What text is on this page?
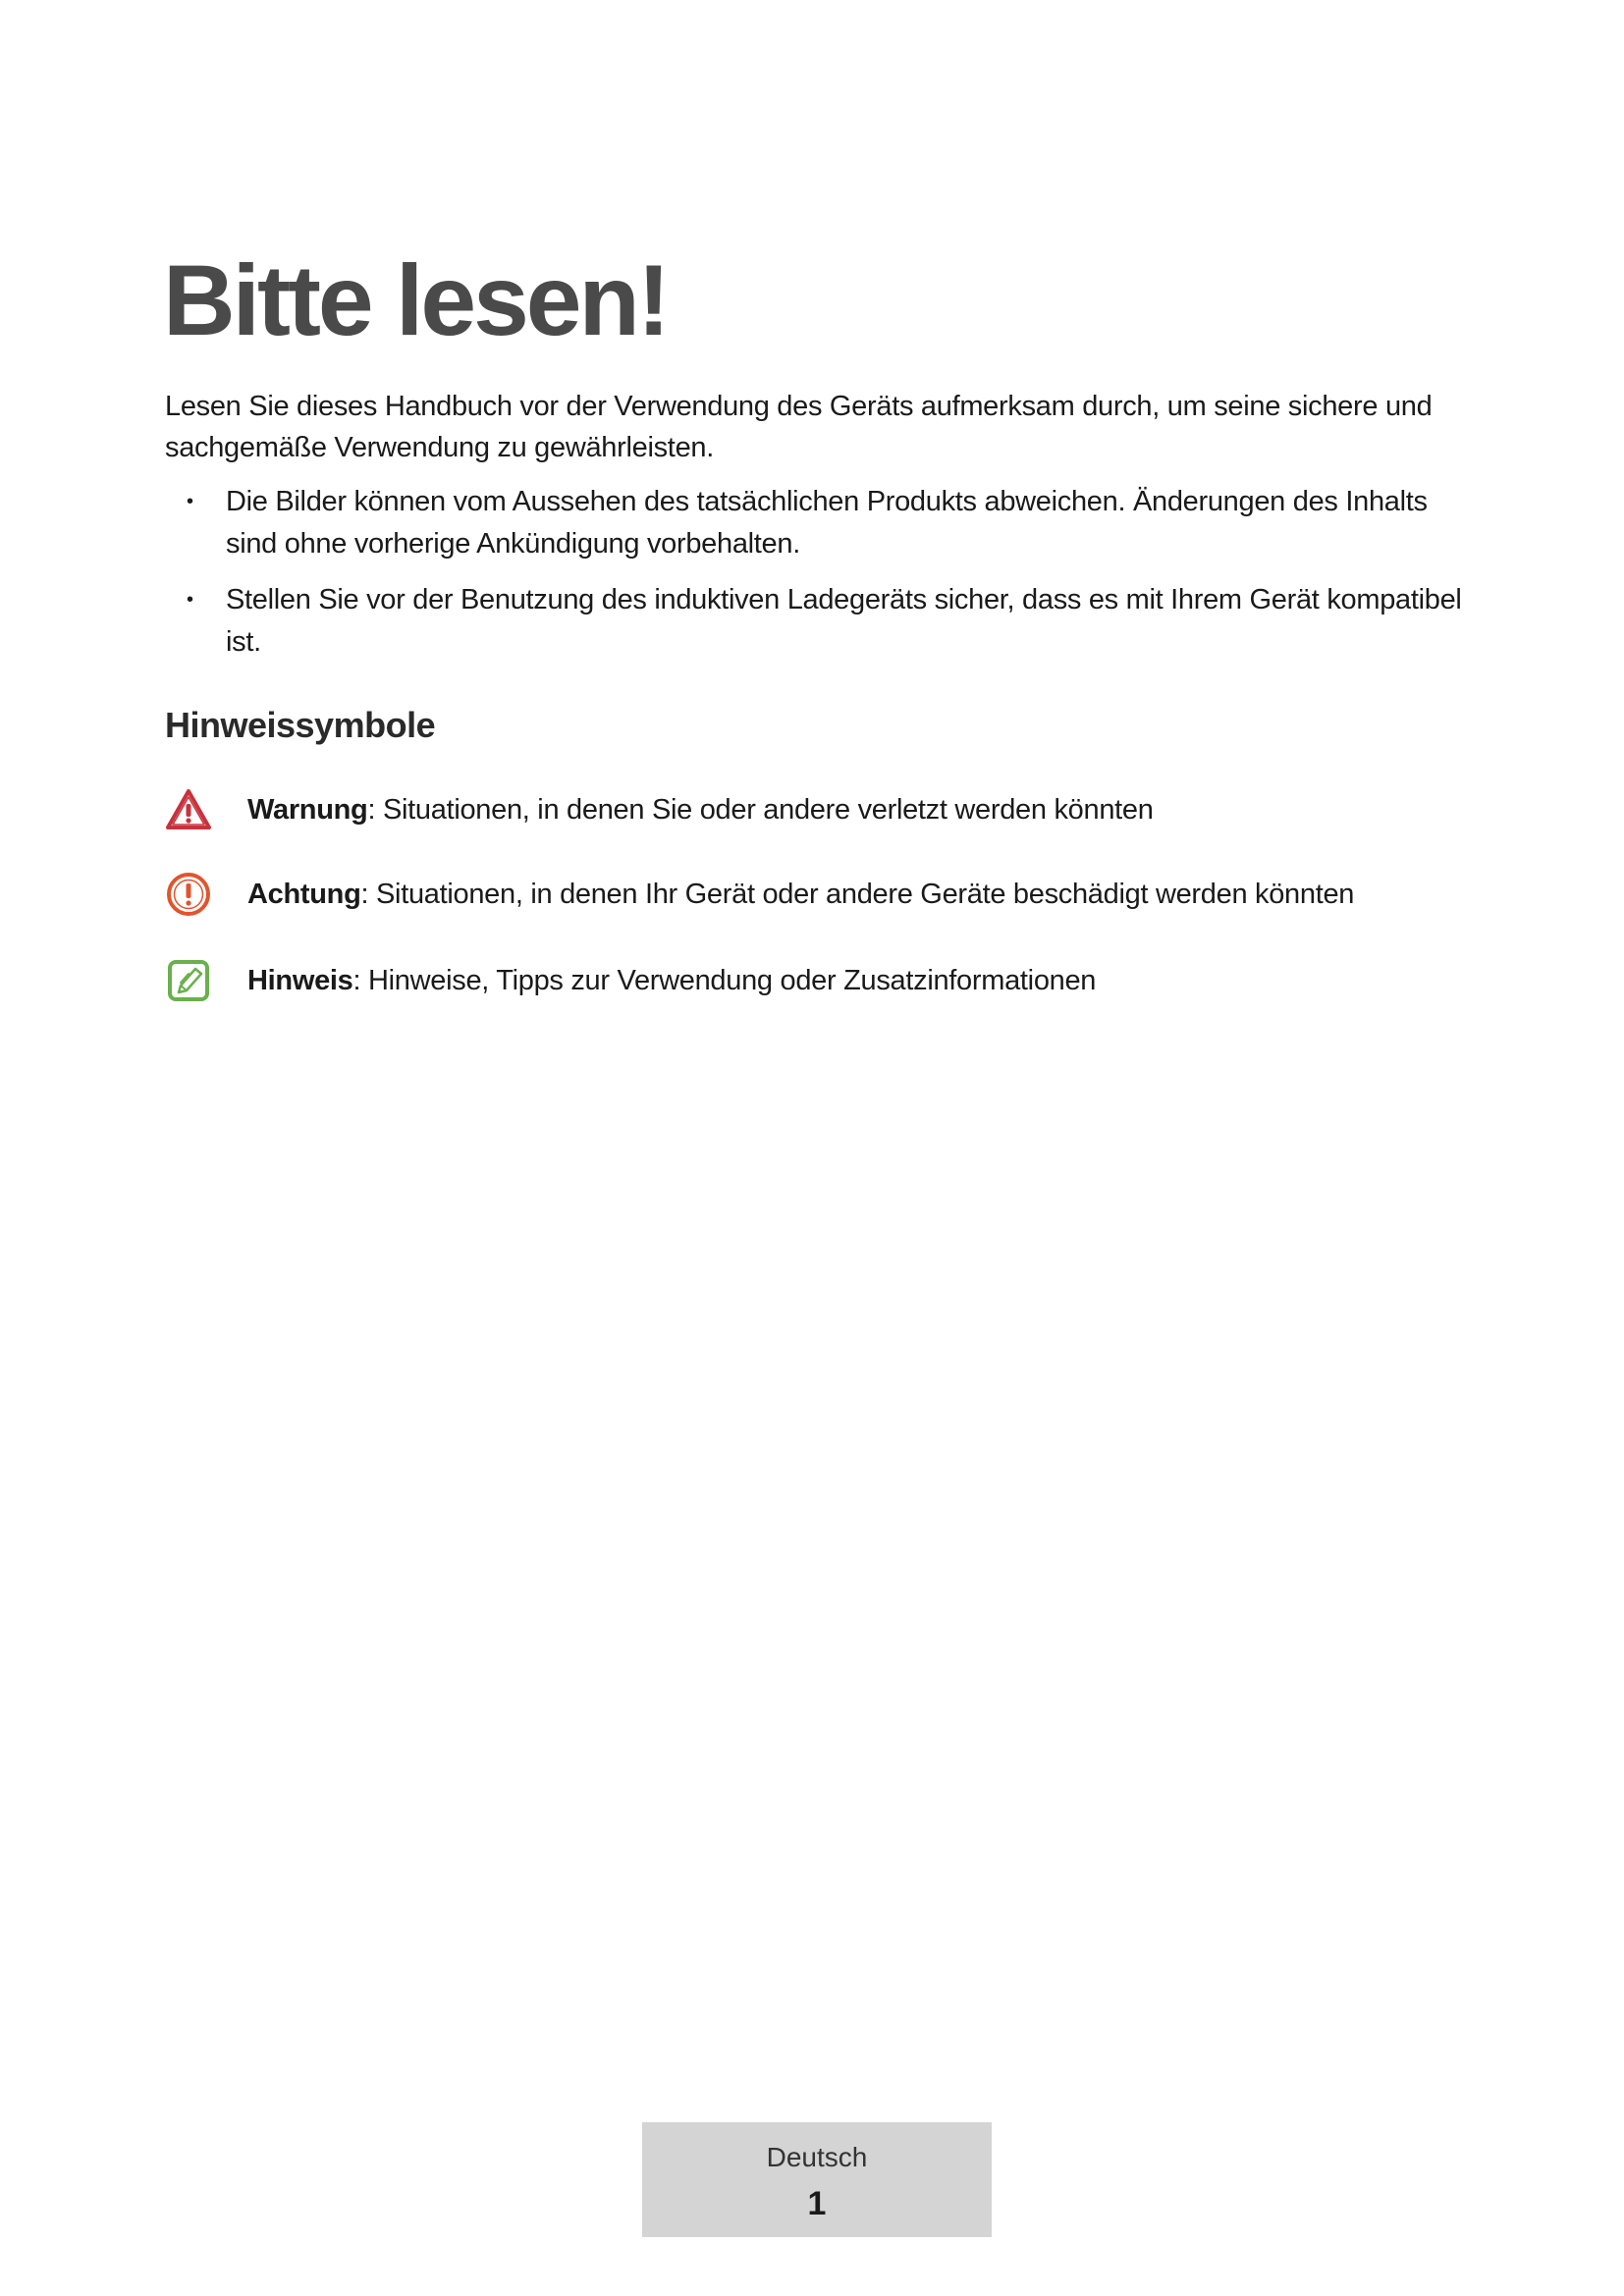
Bitte lesen!

Lesen Sie dieses Handbuch vor der Verwendung des Geräts aufmerksam durch, um seine sichere und sachgemäße Verwendung zu gewährleisten.

• Die Bilder können vom Aussehen des tatsächlichen Produkts abweichen. Änderungen des Inhalts sind ohne vorherige Ankündigung vorbehalten.
• Stellen Sie vor der Benutzung des induktiven Ladegeräts sicher, dass es mit Ihrem Gerät kompatibel ist.
Hinweissymbole
Warnung: Situationen, in denen Sie oder andere verletzt werden könnten
Achtung: Situationen, in denen Ihr Gerät oder andere Geräte beschädigt werden könnten
Hinweis: Hinweise, Tipps zur Verwendung oder Zusatzinformationen
Deutsch
1
